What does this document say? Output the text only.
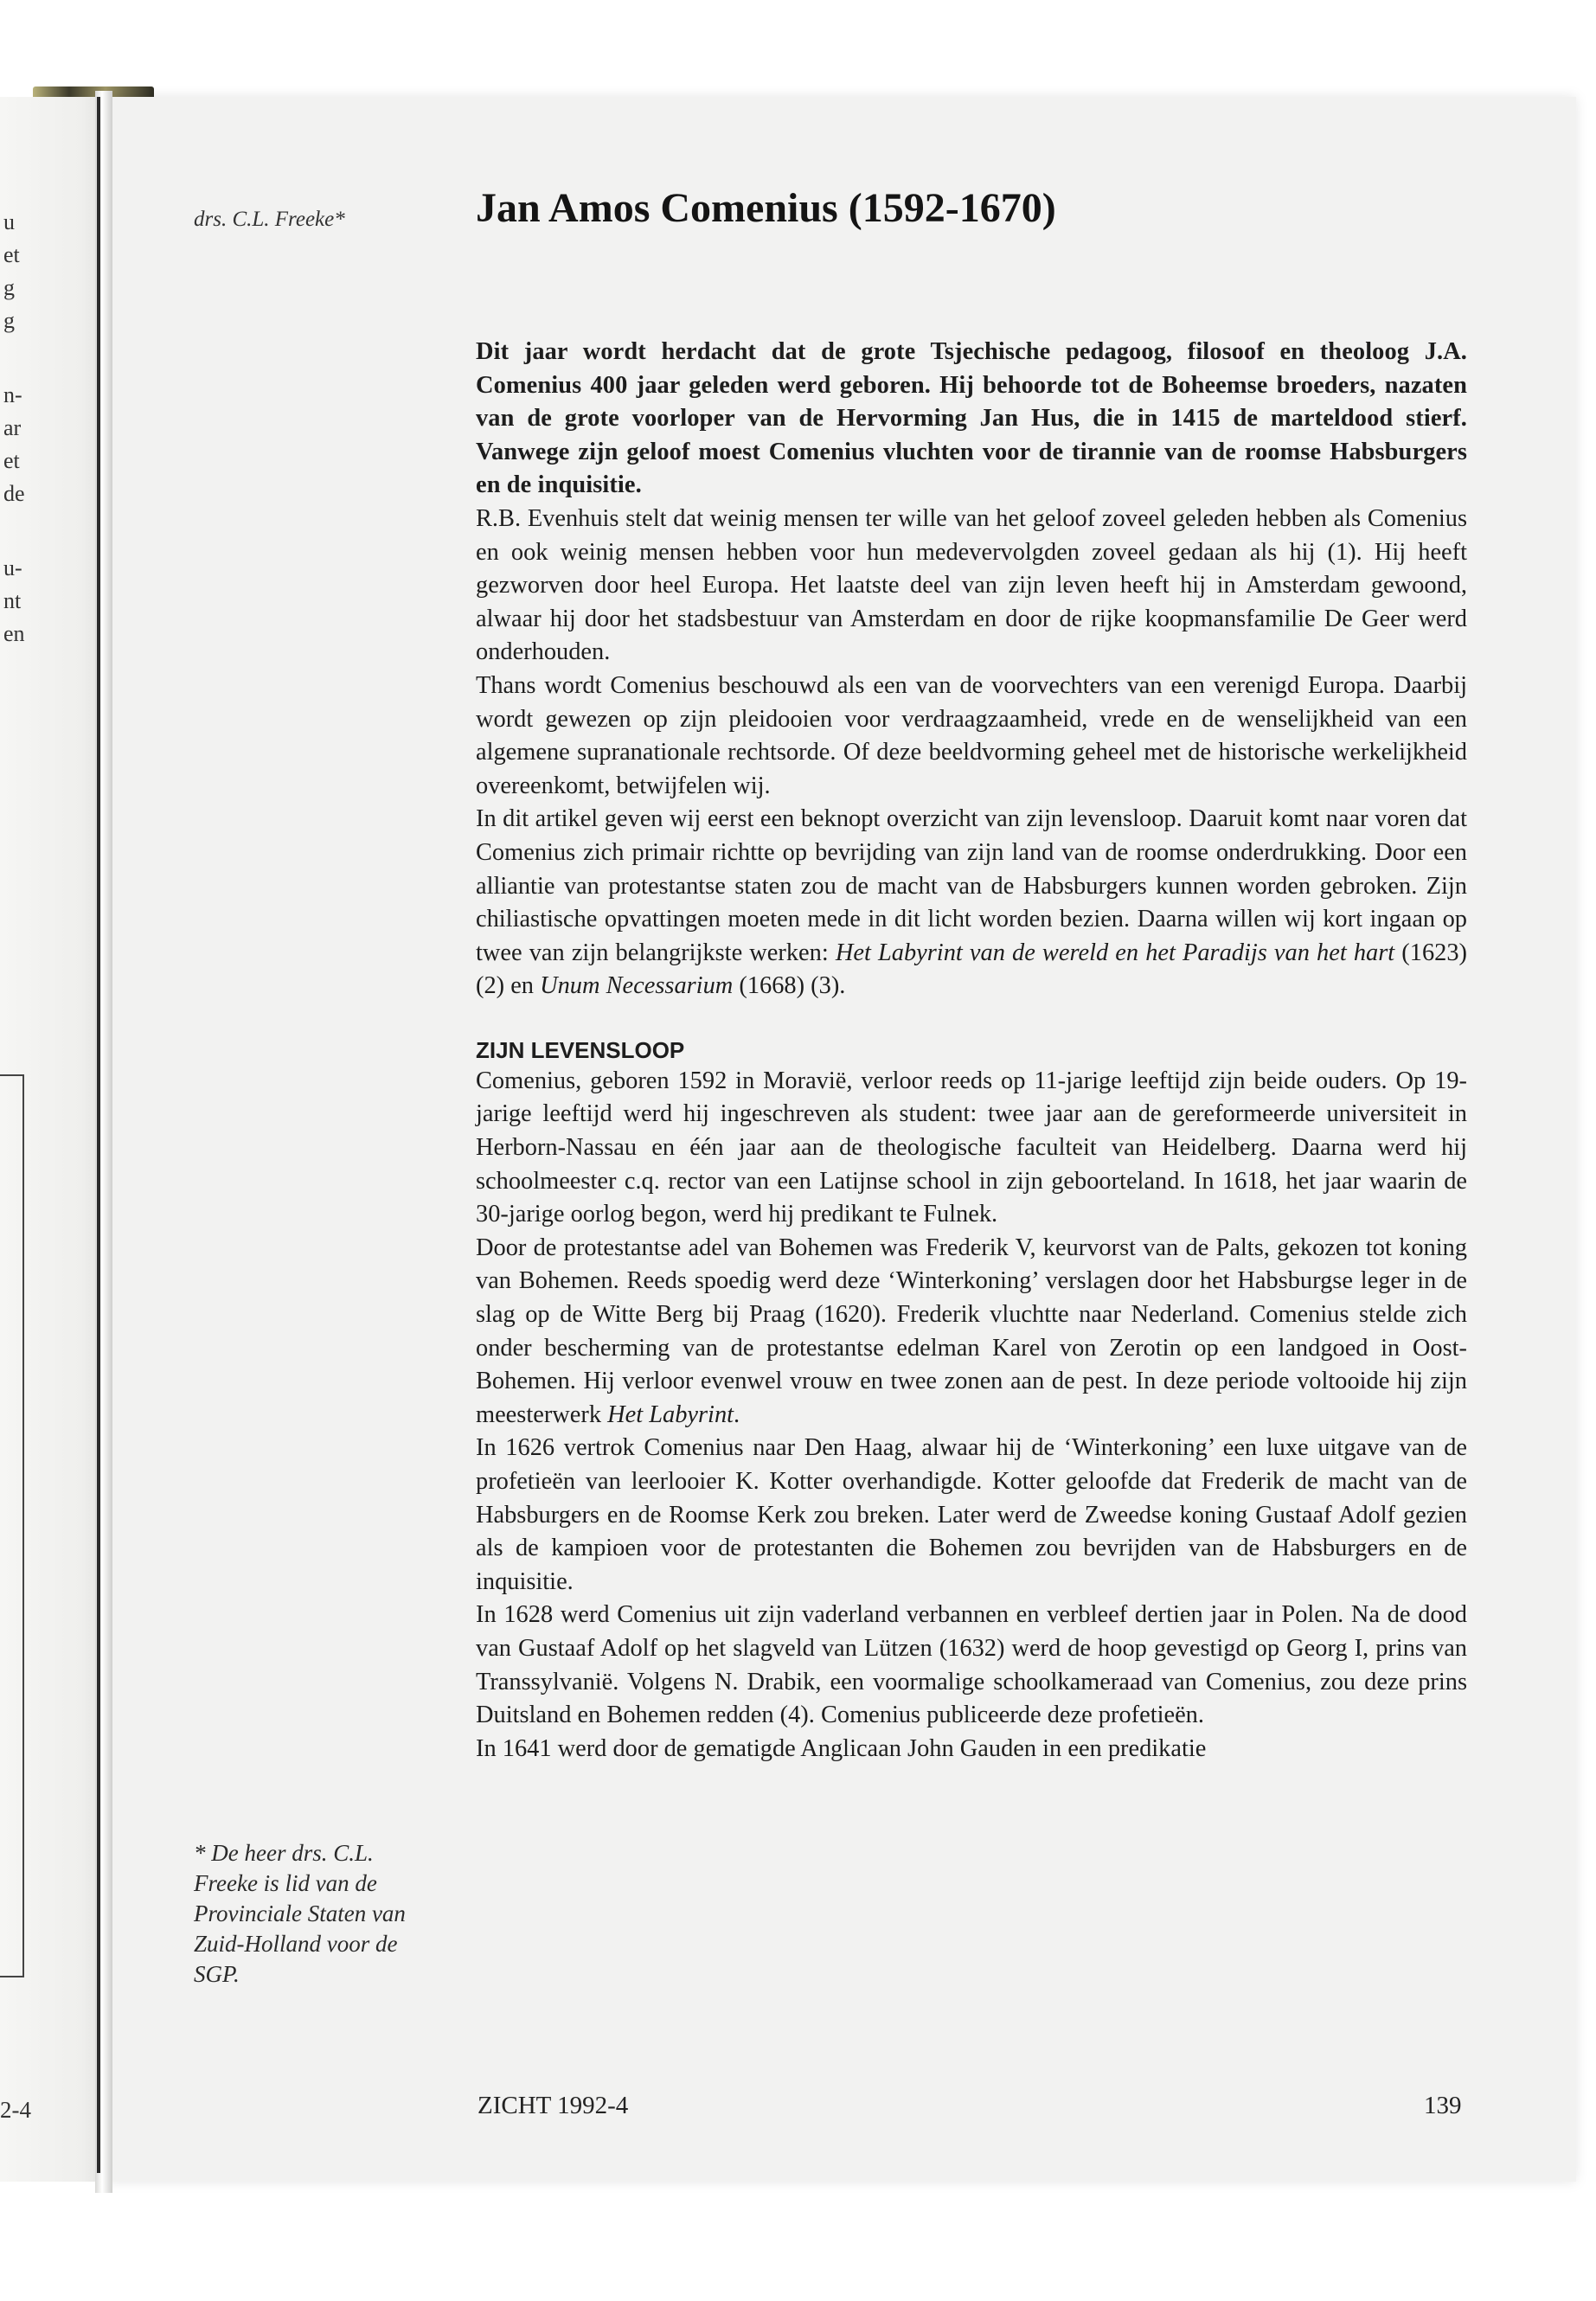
u
et
g
g
n-
ar
et
de
u-
nt
en
2-4
drs. C.L. Freeke*	Jan Amos Comenius (1592-1670)

Dit jaar wordt herdacht dat de grote Tsjechische pedagoog, filosoof en theoloog J.A. Comenius 400 jaar geleden werd geboren. Hij behoorde tot de Boheemse broeders, nazaten van de grote voorloper van de Hervorming Jan Hus, die in 1415 de marteldood stierf. Vanwege zijn geloof moest Comenius vluchten voor de tirannie van de roomse Habsburgers en de inquisitie.

R.B. Evenhuis stelt dat weinig mensen ter wille van het geloof zoveel geleden hebben als Comenius en ook weinig mensen hebben voor hun medevervolgden zoveel gedaan als hij (1). Hij heeft gezworven door heel Europa. Het laatste deel van zijn leven heeft hij in Amsterdam gewoond, alwaar hij door het stadsbestuur van Amsterdam en door de rijke koopmansfamilie De Geer werd onderhouden.

Thans wordt Comenius beschouwd als een van de voorvechters van een verenigd Europa. Daarbij wordt gewezen op zijn pleidooien voor verdraagzaamheid, vrede en de wenselijkheid van een algemene supranationale rechtsorde. Of deze beeldvorming geheel met de historische werkelijkheid overeenkomt, betwijfelen wij.

In dit artikel geven wij eerst een beknopt overzicht van zijn levensloop. Daaruit komt naar voren dat Comenius zich primair richtte op bevrijding van zijn land van de roomse onderdrukking. Door een alliantie van protestantse staten zou de macht van de Habsburgers kunnen worden gebroken. Zijn chiliastische opvattingen moeten mede in dit licht worden bezien. Daarna willen wij kort ingaan op twee van zijn belangrijkste werken: Het Labyrint van de wereld en het Paradijs van het hart (1623) (2) en Unum Necessarium (1668) (3).

ZIJN LEVENSLOOP

Comenius, geboren 1592 in Moravië, verloor reeds op 11-jarige leeftijd zijn beide ouders. Op 19-jarige leeftijd werd hij ingeschreven als student: twee jaar aan de gereformeerde universiteit in Herborn-Nassau en één jaar aan de theologische faculteit van Heidelberg. Daarna werd hij schoolmeester c.q. rector van een Latijnse school in zijn geboorteland. In 1618, het jaar waarin de 30-jarige oorlog begon, werd hij predikant te Fulnek.

Door de protestantse adel van Bohemen was Frederik V, keurvorst van de Palts, gekozen tot koning van Bohemen. Reeds spoedig werd deze ‘Winterkoning’ verslagen door het Habsburgse leger in de slag op de Witte Berg bij Praag (1620). Frederik vluchtte naar Nederland. Comenius stelde zich onder bescherming van de protestantse edelman Karel von Zerotin op een landgoed in Oost-Bohemen. Hij verloor evenwel vrouw en twee zonen aan de pest. In deze periode voltooide hij zijn meesterwerk Het Labyrint.

In 1626 vertrok Comenius naar Den Haag, alwaar hij de ‘Winterkoning’ een luxe uitgave van de profetieën van leerlooier K. Kotter overhandigde. Kotter geloofde dat Frederik de macht van de Habsburgers en de Roomse Kerk zou breken. Later werd de Zweedse koning Gustaaf Adolf gezien als de kampioen voor de protestanten die Bohemen zou bevrijden van de Habsburgers en de inquisitie.

In 1628 werd Comenius uit zijn vaderland verbannen en verbleef dertien jaar in Polen. Na de dood van Gustaaf Adolf op het slagveld van Lützen (1632) werd de hoop gevestigd op Georg I, prins van Transsylvanië. Volgens N. Drabik, een voormalige schoolkameraad van Comenius, zou deze prins Duitsland en Bohemen redden (4). Comenius publiceerde deze profetieën.

In 1641 werd door de gematigde Anglicaan John Gauden in een predikatie

* De heer drs. C.L. Freeke is lid van de Provinciale Staten van Zuid-Holland voor de SGP.
ZICHT 1992-4	139
